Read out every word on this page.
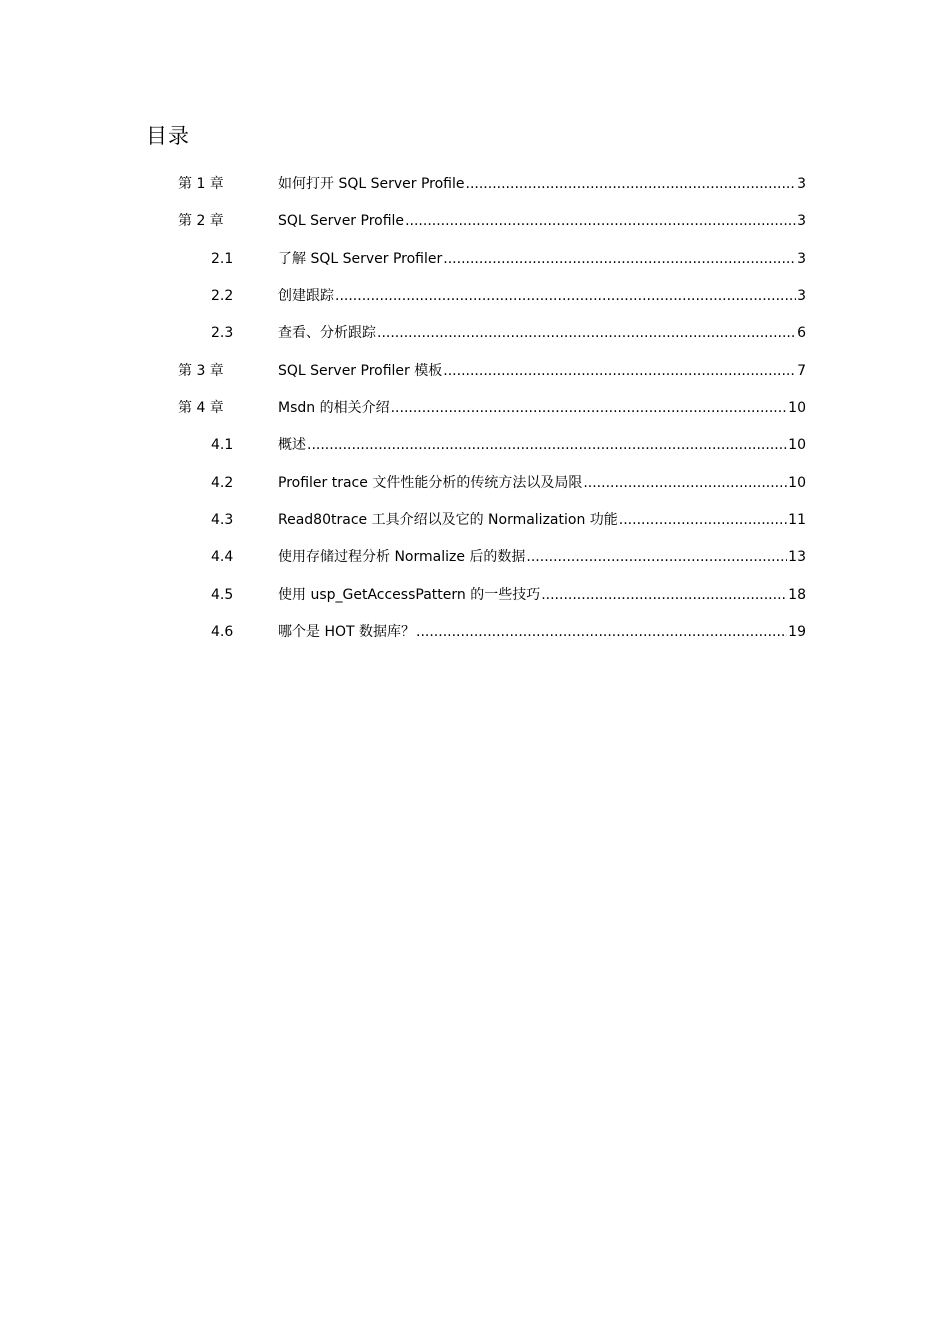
目录
第 1 章	如何打开 SQL Server Profile .....	3
第 2 章	SQL Server Profile .....	3
2.1	了解 SQL Server Profiler .....	3
2.2	创建跟踪 .....	3
2.3	查看、分析跟踪 .....	6
第 3 章	SQL Server Profiler 模板 .....	7
第 4 章	Msdn 的相关介绍 .....	10
4.1	概述 .....	10
4.2	Profiler trace 文件性能分析的传统方法以及局限 .....	10
4.3	Read80trace 工具介绍以及它的 Normalization 功能 .....	11
4.4	使用存储过程分析 Normalize 后的数据 .....	13
4.5	使用 usp_GetAccessPattern 的一些技巧 .....	18
4.6	哪个是 HOT 数据库？ .....	19
